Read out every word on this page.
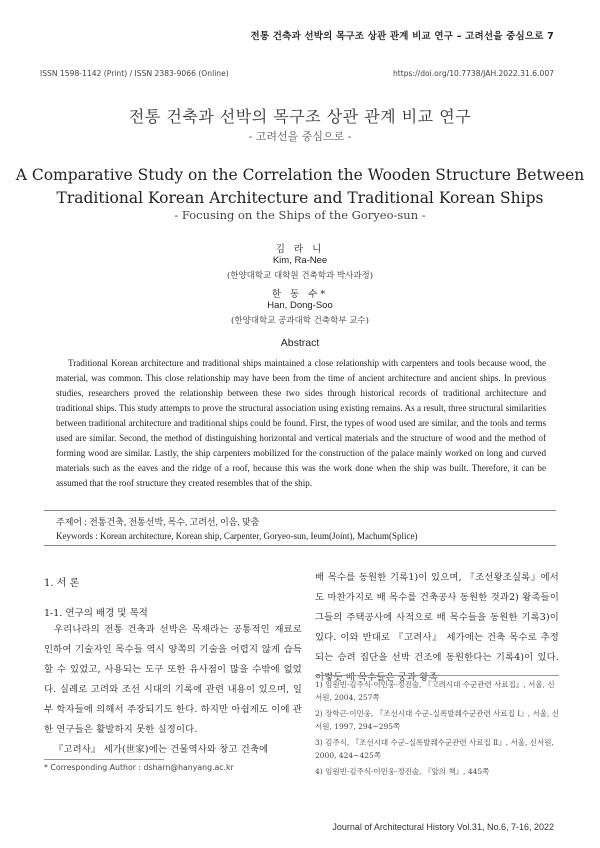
전통 건축과 선박의 목구조 상관 관계 비교 연구 – 고려선을 중심으로 7
ISSN 1598-1142 (Print) / ISSN 2383-9066 (Online)	https://doi.org/10.7738/JAH.2022.31.6.007
전통 건축과 선박의 목구조 상관 관계 비교 연구
- 고려선을 중심으로 -
A Comparative Study on the Correlation the Wooden Structure Between
Traditional Korean Architecture and Traditional Korean Ships
- Focusing on the Ships of the Goryeo-sun -
김 라 니
Kim, Ra-Nee
(한양대학교 대학원 건축학과 박사과정)
한 동 수*
Han, Dong-Soo
(한양대학교 공과대학 건축학부 교수)
Abstract
Traditional Korean architecture and traditional ships maintained a close relationship with carpenters and tools because wood, the material, was common. This close relationship may have been from the time of ancient architecture and ancient ships. In previous studies, researchers proved the relationship between these two sides through historical records of traditional architecture and traditional ships. This study attempts to prove the structural association using existing remains. As a result, three structural similarities between traditional architecture and traditional ships could be found. First, the types of wood used are similar, and the tools and terms used are similar. Second, the method of distinguishing horizontal and vertical materials and the structure of wood and the method of forming wood are similar. Lastly, the ship carpenters mobilized for the construction of the palace mainly worked on long and curved materials such as the eaves and the ridge of a roof, because this was the work done when the ship was built. Therefore, it can be assumed that the roof structure they created resembles that of the ship.
주제어 : 전통건축, 전통선박, 목수, 고려선, 이음, 맞춤
Keywords : Korean architecture, Korean ship, Carpenter, Goryeo-sun, Ieum(Joint), Machum(Splice)
1. 서 론
1-1. 연구의 배경 및 목적
우리나라의 전통 건축과 선박은 목재라는 공통적인 재료로 인하여 기술자인 목수들 역시 양쪽의 기술을 어렵지 않게 습득할 수 있었고, 사용되는 도구 또한 유사점이 많을 수밖에 없었다. 실례로 고려와 조선 시대의 기록에 관련 내용이 있으며, 일부 학자들에 의해서 주장되기도 한다. 하지만 아쉽게도 이에 관한 연구들은 활발하지 못한 실정이다.
『고려사』 세가(世家)에는 건물역사와 창고 건축에
* Corresponding Author : dsharn@hanyang.ac.kr
배 목수를 동원한 기록1)이 있으며, 『조선왕조실록』에서도 마찬가지로 배 목수를 건축공사 동원한 것과2) 왕족들이 그들의 주택공사에 사적으로 배 목수들을 동원한 기록3)이 있다. 이와 반대로 『고려사』 세가에는 건축 목수로 추정되는 승려 집단을 선박 건조에 동원한다는 기록4)이 있다. 이렇듯 배 목수들은 궁과 왕족
1) 임원빈·김주식·이민웅·정진술, 『고려시대 수군관련 사료집』, 서울, 신서원, 2004, 257쪽
2) 장학근·이민웅, 『조선시대 수군–실록발췌수군관련 사료집 Ⅰ』, 서울, 신서원, 1997, 294~295쪽
3) 김주식, 『조선시대 수군–실록발췌수군관련 사료집 Ⅱ』, 서울, 신서원, 2000, 424~425쪽
4) 임원빈·김주식·이민웅·정진술, 『앞의 책』, 445쪽
Journal of Architectural History Vol.31, No.6, 7-16, 2022
